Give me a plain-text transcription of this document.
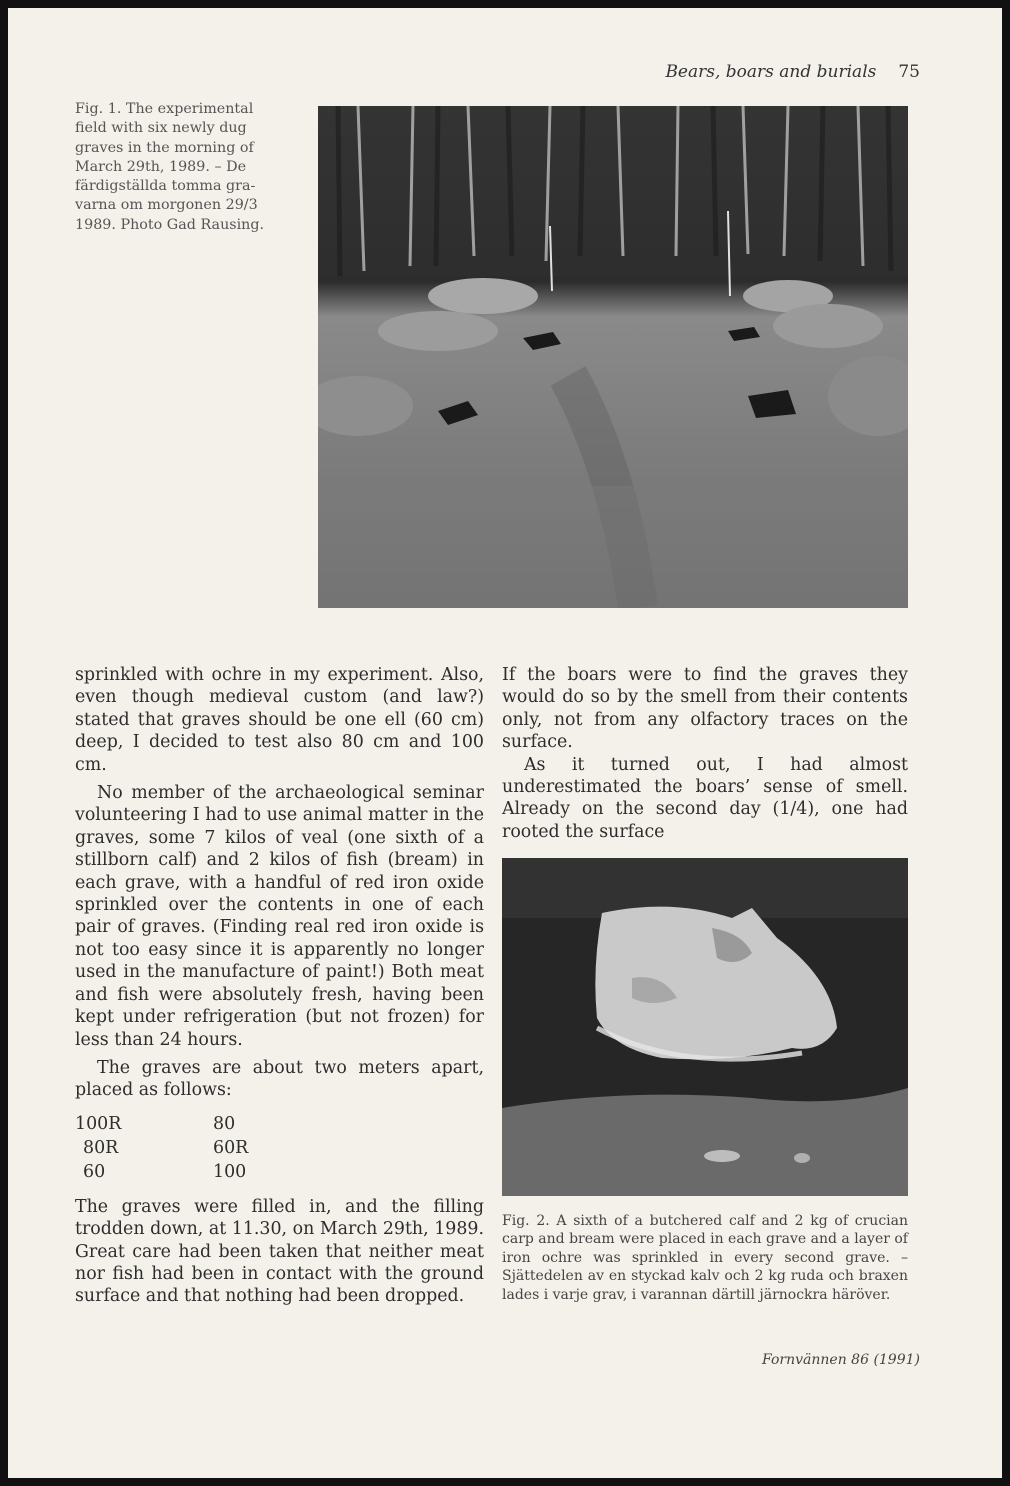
Bears, boars and burials 75
Fig. 1. The experimental
field with six newly dug
graves in the morning of
March 29th, 1989. – De
färdigställda tomma gra-
varna om morgonen 29/3
1989. Photo Gad Rausing.

sprinkled with ochre in my experiment. Also, even though medieval custom (and law?) stated that graves should be one ell (60 cm) deep, I decided to test also 80 cm and 100 cm.

No member of the archaeological seminar volunteering I had to use animal matter in the graves, some 7 kilos of veal (one sixth of a stillborn calf) and 2 kilos of fish (bream) in each grave, with a handful of red iron oxide sprinkled over the contents in one of each pair of graves. (Finding real red iron oxide is not too easy since it is apparently no longer used in the manufacture of paint!) Both meat and fish were absolutely fresh, having been kept under refrigeration (but not frozen) for less than 24 hours.

The graves are about two meters apart, placed as follows:

100R	80
80R	60R
60	100

The graves were filled in, and the filling trodden down, at 11.30, on March 29th, 1989. Great care had been taken that neither meat nor fish had been in contact with the ground surface and that nothing had been dropped.

If the boars were to find the graves they would do so by the smell from their contents only, not from any olfactory traces on the surface.

As it turned out, I had almost underestimated the boars’ sense of smell. Already on the second day (1/4), one had rooted the surface

Fig. 2. A sixth of a butchered calf and 2 kg of crucian carp and bream were placed in each grave and a layer of iron ochre was sprinkled in every second grave. – Sjättedelen av en styckad kalv och 2 kg ruda och braxen lades i varje grav, i varannan därtill järnockra häröver.
Fornvännen 86 (1991)
